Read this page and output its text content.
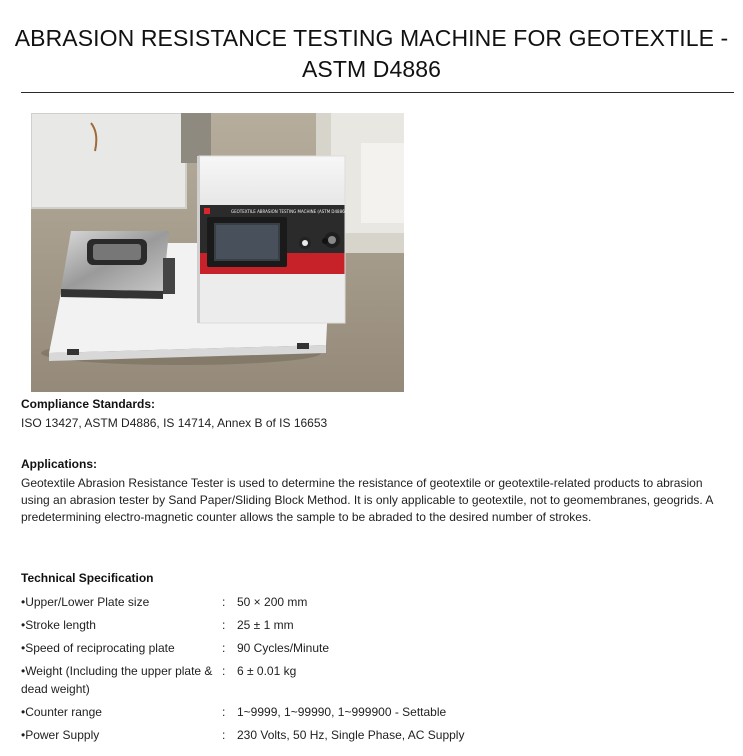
ABRASION RESISTANCE TESTING MACHINE FOR GEOTEXTILE - ASTM D4886
GEOTEXTILE ABRASION TESTING MACHINE (ASTM D4886)
Compliance Standards:
ISO 13427, ASTM D4886, IS 14714, Annex B of IS 16653
Applications:
Geotextile Abrasion Resistance Tester is used to determine the resistance of geotextile or geotextile-related products to abrasion using an abrasion tester by Sand Paper/Sliding Block Method. It is only applicable to geotextile, not to geomembranes, geogrids. A predetermining electro-magnetic counter allows the sample to be abraded to the desired number of strokes.
Technical Specification
•Upper/Lower Plate size	: 50 × 200 mm
•Stroke length	: 25 ± 1 mm
•Speed of reciprocating plate	: 90 Cycles/Minute
•Weight (Including the upper plate & dead weight)
: 6 ± 0.01 kg
•Counter range	: 1~9999, 1~99990, 1~999900 - Settable
•Power Supply	: 230 Volts, 50 Hz, Single Phase, AC Supply
